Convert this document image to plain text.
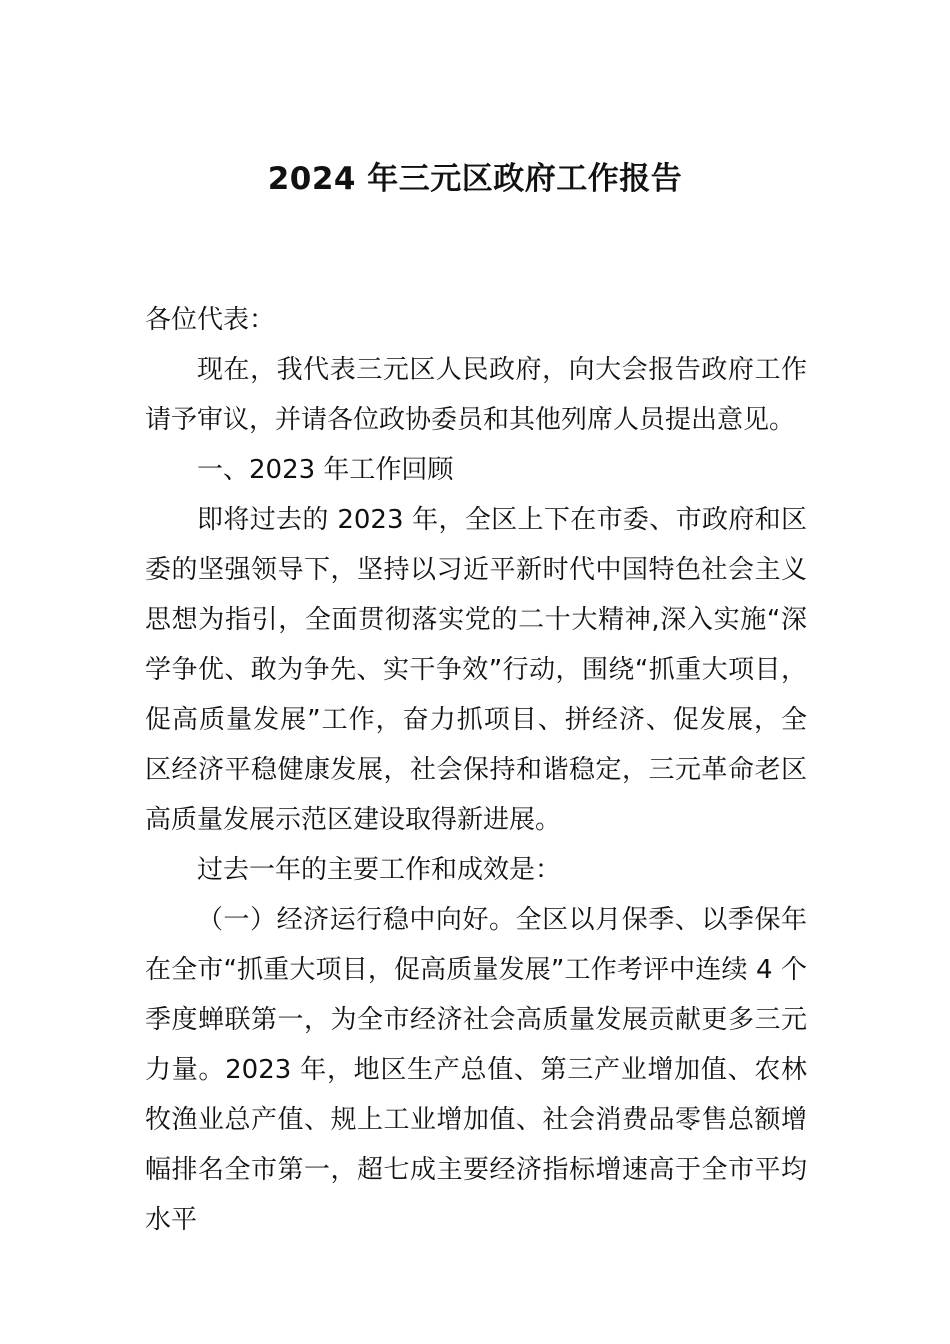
2024 年三元区政府工作报告

各位代表：

现在，我代表三元区人民政府，向大会报告政府工作请予审议，并请各位政协委员和其他列席人员提出意见。

一、2023 年工作回顾

即将过去的 2023 年，全区上下在市委、市政府和区委的坚强领导下，坚持以习近平新时代中国特色社会主义思想为指引，全面贯彻落实党的二十大精神,深入实施“深学争优、敢为争先、实干争效”行动，围绕“抓重大项目，促高质量发展”工作，奋力抓项目、拼经济、促发展，全区经济平稳健康发展，社会保持和谐稳定，三元革命老区高质量发展示范区建设取得新进展。

过去一年的主要工作和成效是：

（一）经济运行稳中向好。全区以月保季、以季保年在全市“抓重大项目，促高质量发展”工作考评中连续 4 个季度蝉联第一，为全市经济社会高质量发展贡献更多三元力量。2023 年，地区生产总值、第三产业增加值、农林牧渔业总产值、规上工业增加值、社会消费品零售总额增幅排名全市第一，超七成主要经济指标增速高于全市平均水平
